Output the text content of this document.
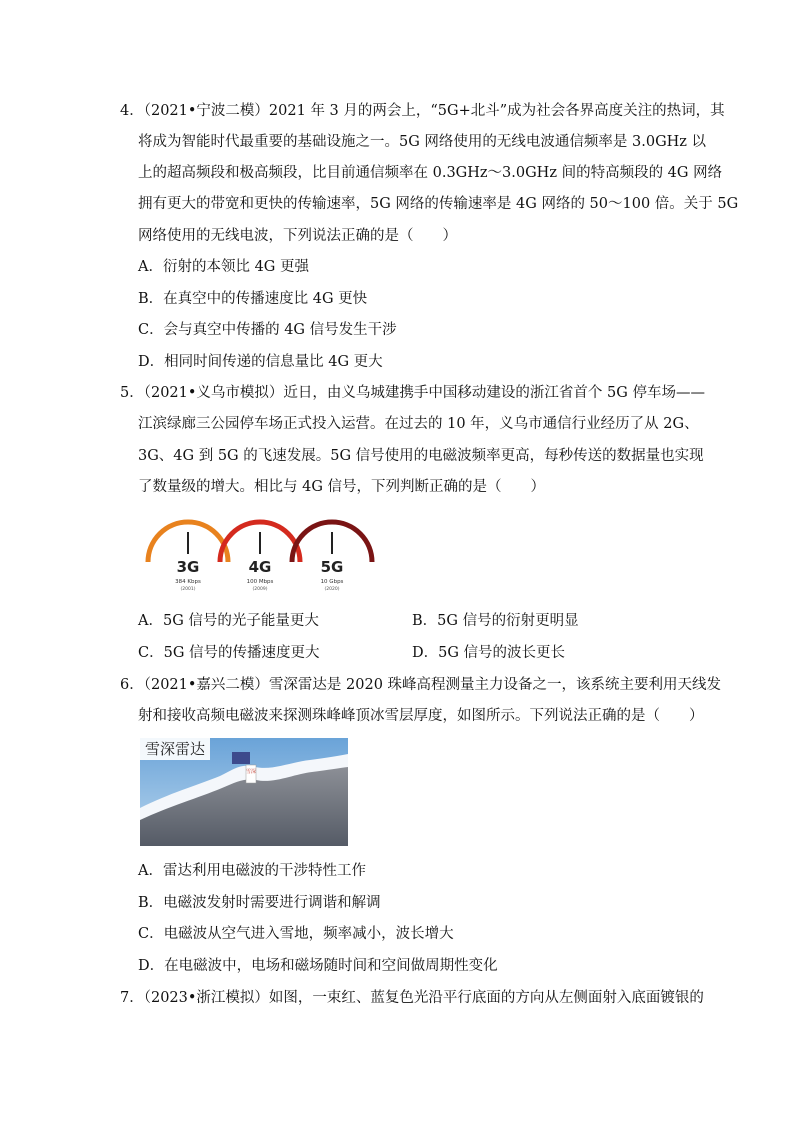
4．（2021•宁波二模）2021 年 3 月的两会上，“5G+北斗”成为社会各界高度关注的热词，其
将成为智能时代最重要的基础设施之一。5G 网络使用的无线电波通信频率是 3.0GHz 以
上的超高频段和极高频段，比目前通信频率在 0.3GHz～3.0GHz 间的特高频段的 4G 网络
拥有更大的带宽和更快的传输速率，5G 网络的传输速率是 4G 网络的 50～100 倍。关于 5G
网络使用的无线电波，下列说法正确的是（　　）
A．衍射的本领比 4G 更强
B．在真空中的传播速度比 4G 更快
C．会与真空中传播的 4G 信号发生干涉
D．相同时间传递的信息量比 4G 更大
5．（2021•义乌市模拟）近日，由义乌城建携手中国移动建设的浙江省首个 5G 停车场——
江滨绿廊三公园停车场正式投入运营。在过去的 10 年，义乌市通信行业经历了从 2G、
3G、4G 到 5G 的飞速发展。5G 信号使用的电磁波频率更高，每秒传送的数据量也实现
了数量级的增大。相比与 4G 信号，下列判断正确的是（　　）
3G
384 Kbps
(2001)
4G
100 Mbps
(2009)
5G
10 Gbps
(2020)
A．5G 信号的光子能量更大	B．5G 信号的衍射更明显
C．5G 信号的传播速度更大	D．5G 信号的波长更长
6．（2021•嘉兴二模）雪深雷达是 2020 珠峰高程测量主力设备之一，该系统主要利用天线发
射和接收高频电磁波来探测珠峰峰顶冰雪层厚度，如图所示。下列说法正确的是（　　）
雪深
雪深雷达
A．雷达利用电磁波的干涉特性工作
B．电磁波发射时需要进行调谐和解调
C．电磁波从空气进入雪地，频率减小，波长增大
D．在电磁波中，电场和磁场随时间和空间做周期性变化
7．（2023•浙江模拟）如图，一束红、蓝复色光沿平行底面的方向从左侧面射入底面镀银的
